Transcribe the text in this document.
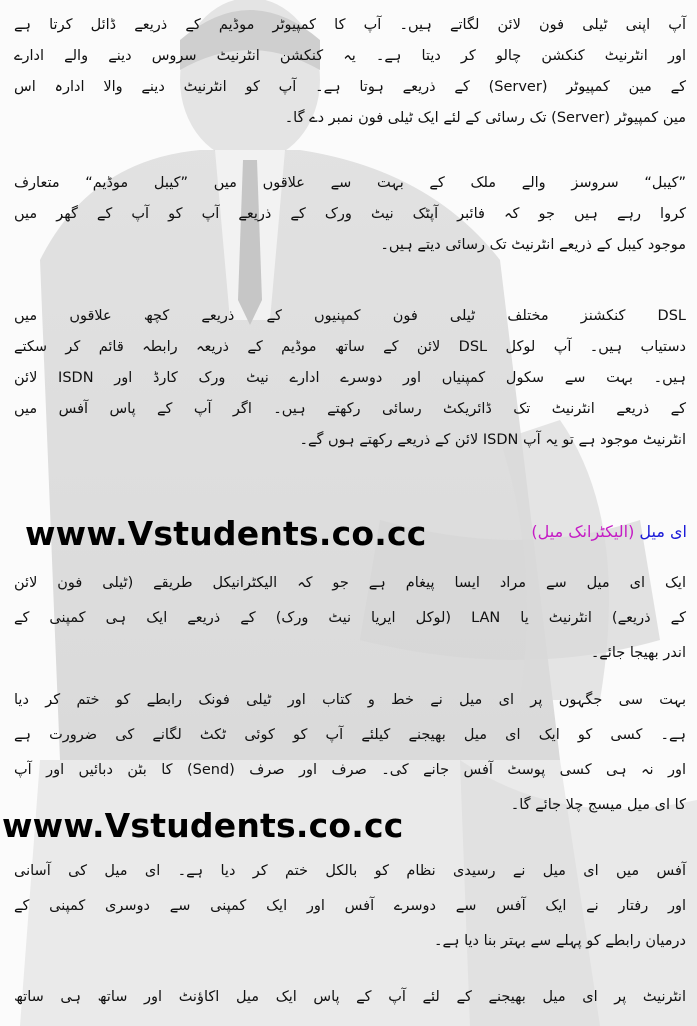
آپ اپنی ٹیلی فون لائن لگاتے ہیں۔ آپ کا کمپیوٹر موڈیم کے ذریعے ڈائل کرتا ہے

اور انٹرنیٹ کنکشن چالو کر دیتا ہے۔ یہ کنکشن انٹرنیٹ سروس دینے والے ادارے

کے مین کمپیوٹر (Server) کے ذریعے ہوتا ہے۔ آپ کو انٹرنیٹ دینے والا ادارہ اس

مین کمپیوٹر (Server) تک رسائی کے لئے ایک ٹیلی فون نمبر دے گا۔

”کیبل“ سروسز والے ملک کے بہت سے علاقوں میں ”کیبل موڈیم“ متعارف

کروا رہے ہیں جو کہ فائبر آپٹک نیٹ ورک کے ذریعے آپ کو آپ کے گھر میں

موجود کیبل کے ذریعے انٹرنیٹ تک رسائی دیتے ہیں۔

DSL کنکشنز مختلف ٹیلی فون کمپنیوں کے ذریعے کچھ علاقوں میں

دستیاب ہیں۔ آپ لوکل DSL لائن کے ساتھ موڈیم کے ذریعہ رابطہ قائم کر سکتے

ہیں۔ بہت سے سکول کمپنیاں اور دوسرے ادارے نیٹ ورک کارڈ اور ISDN لائن

کے ذریعے انٹرنیٹ تک ڈائریکٹ رسائی رکھتے ہیں۔ اگر آپ کے پاس آفس میں

انٹرنیٹ موجود ہے تو یہ آپ ISDN لائن کے ذریعے رکھتے ہوں گے۔

www.Vstudents.co.cc	ای میل (الیکٹرانک میل)

ایک ای میل سے مراد ایسا پیغام ہے جو کہ الیکٹرانیکل طریقے (ٹیلی فون لائن

کے ذریعے) انٹرنیٹ یا LAN (لوکل ایریا نیٹ ورک) کے ذریعے ایک ہی کمپنی کے

اندر بھیجا جائے۔

بہت سی جگہوں پر ای میل نے خط و کتاب اور ٹیلی فونک رابطے کو ختم کر دیا

ہے۔ کسی کو ایک ای میل بھیجنے کیلئے آپ کو کوئی ٹکٹ لگانے کی ضرورت ہے

اور نہ ہی کسی پوسٹ آفس جانے کی۔ صرف اور صرف (Send) کا بٹن دبائیں اور آپ

کا ای میل میسج چلا جائے گا۔

www.Vstudents.co.cc

آفس میں ای میل نے رسیدی نظام کو بالکل ختم کر دیا ہے۔ ای میل کی آسانی

اور رفتار نے ایک آفس سے دوسرے آفس اور ایک کمپنی سے دوسری کمپنی کے

درمیان رابطے کو پہلے سے بہتر بنا دیا ہے۔

انٹرنیٹ پر ای میل بھیجنے کے لئے آپ کے پاس ایک میل اکاؤنٹ اور ساتھ ہی ساتھ
